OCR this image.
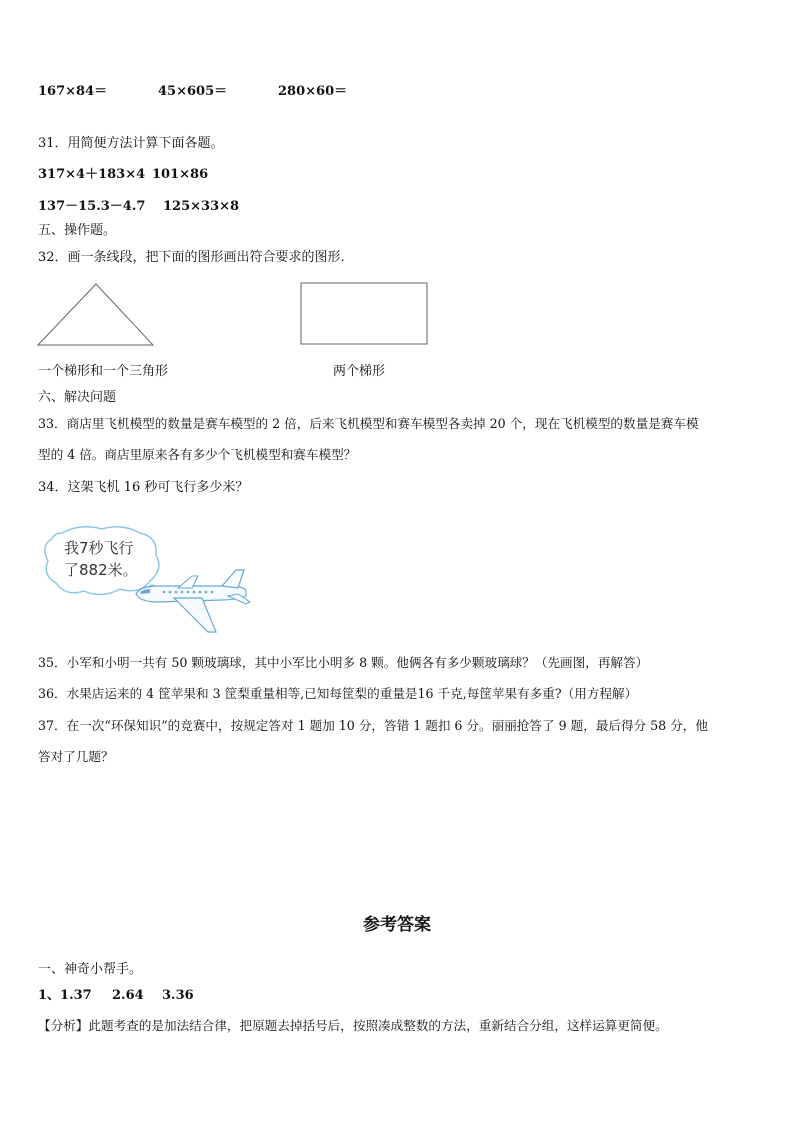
167×84＝	45×605＝	280×60＝
31．用简便方法计算下面各题。
317×4＋183×4 101×86
137－15.3－4.7 125×33×8
五、操作题。
32．画一条线段，把下面的图形画出符合要求的图形.
一个梯形和一个三角形	两个梯形
六、解决问题
33．商店里飞机模型的数量是赛车模型的 2 倍，后来飞机模型和赛车模型各卖掉 20 个，现在飞机模型的数量是赛车模
型的 4 倍。商店里原来各有多少个飞机模型和赛车模型？
34．这架飞机 16 秒可飞行多少米？
我7秒飞行
了882米。
35．小军和小明一共有 50 颗玻璃球，其中小军比小明多 8 颗。他俩各有多少颗玻璃球？（先画图，再解答）
36．水果店运来的 4 筐苹果和 3 筐梨重量相等,已知每筐梨的重量是16 千克,每筐苹果有多重?（用方程解）
37．在一次“环保知识”的竞赛中，按规定答对 1 题加 10 分，答错 1 题扣 6 分。丽丽抢答了 9 题，最后得分 58 分，他
答对了几题？
参考答案
一、神奇小帮手。
1、1.37 2.64 3.36
【分析】此题考查的是加法结合律，把原题去掉括号后，按照凑成整数的方法，重新结合分组，这样运算更简便。
